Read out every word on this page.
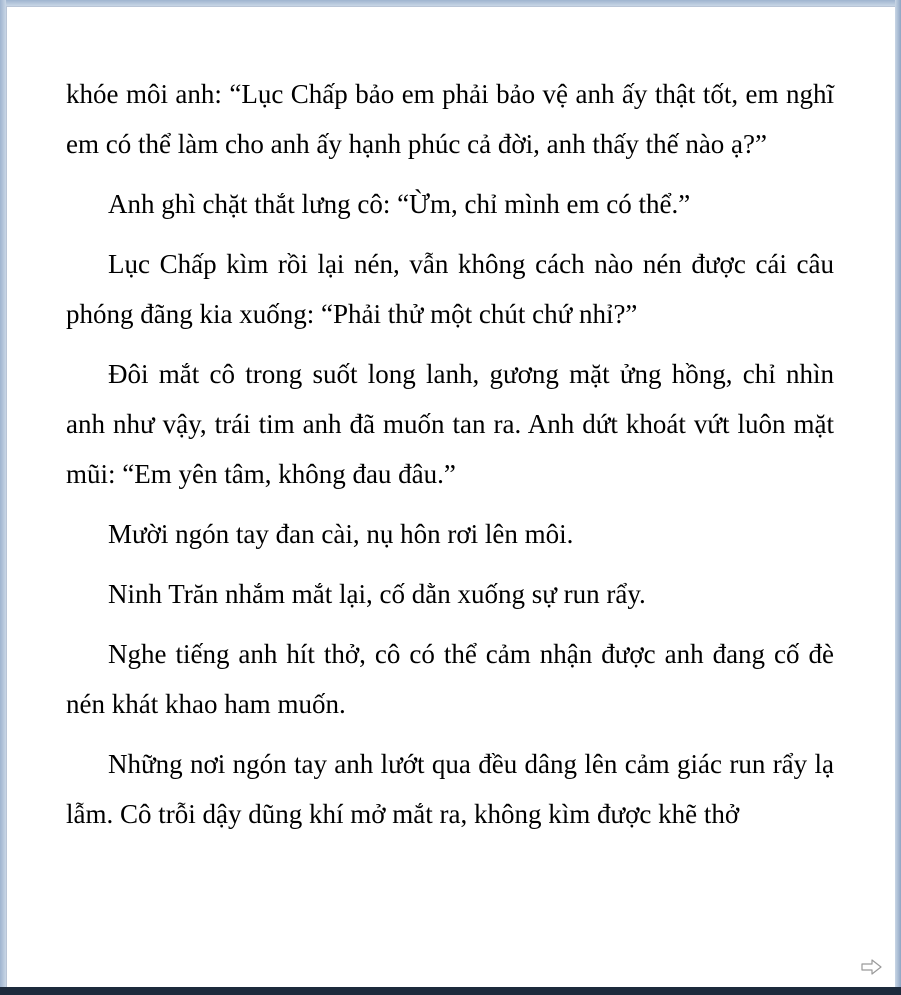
khóe môi anh: “Lục Chấp bảo em phải bảo vệ anh ấy thật tốt, em nghĩ em có thể làm cho anh ấy hạnh phúc cả đời, anh thấy thế nào ạ?”

Anh ghì chặt thắt lưng cô: “Ừm, chỉ mình em có thể.”

Lục Chấp kìm rồi lại nén, vẫn không cách nào nén được cái câu phóng đãng kia xuống: “Phải thử một chút chứ nhỉ?”

Đôi mắt cô trong suốt long lanh, gương mặt ửng hồng, chỉ nhìn anh như vậy, trái tim anh đã muốn tan ra. Anh dứt khoát vứt luôn mặt mũi: “Em yên tâm, không đau đâu.”

Mười ngón tay đan cài, nụ hôn rơi lên môi.

Ninh Trăn nhắm mắt lại, cố dằn xuống sự run rẩy.

Nghe tiếng anh hít thở, cô có thể cảm nhận được anh đang cố đè nén khát khao ham muốn.

Những nơi ngón tay anh lướt qua đều dâng lên cảm giác run rẩy lạ lẫm. Cô trỗi dậy dũng khí mở mắt ra, không kìm được khẽ thở
